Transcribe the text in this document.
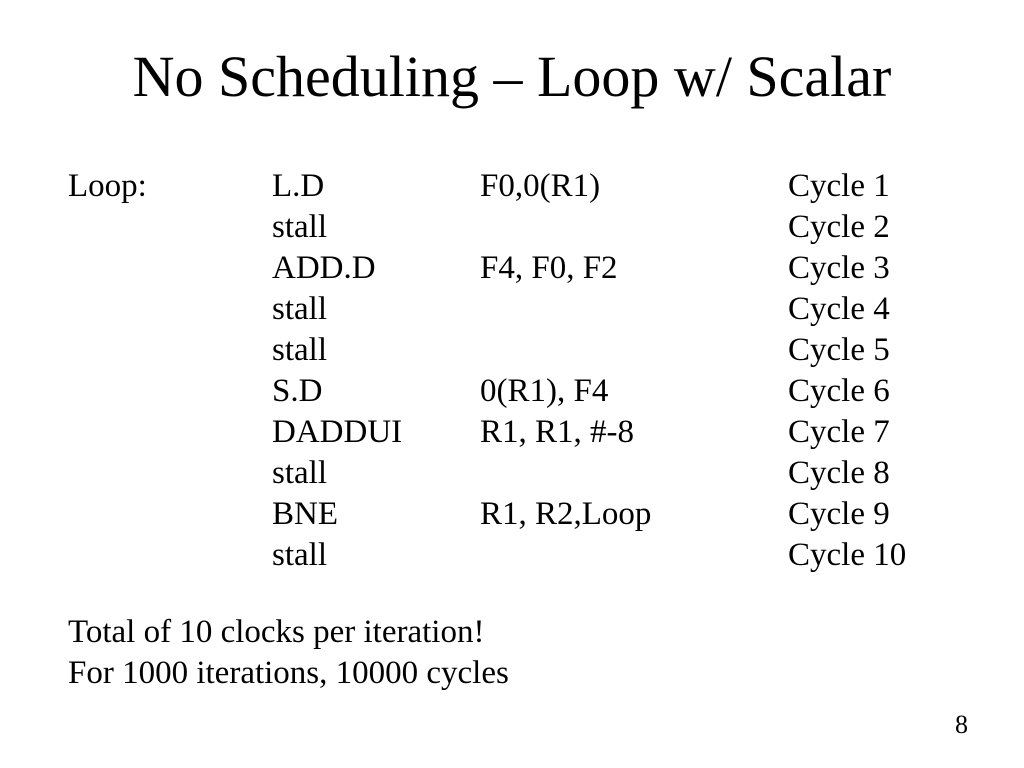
No Scheduling – Loop w/ Scalar
Loop:	L.D	F0,0(R1)	Cycle 1
stall	Cycle 2
ADD.D	F4, F0, F2	Cycle 3
stall	Cycle 4
stall	Cycle 5
S.D	0(R1), F4	Cycle 6
DADDUI	R1, R1, #-8	Cycle 7
stall	Cycle 8
BNE	R1, R2,Loop	Cycle 9
stall	Cycle 10
Total of 10 clocks per iteration!
For 1000 iterations, 10000 cycles
8
